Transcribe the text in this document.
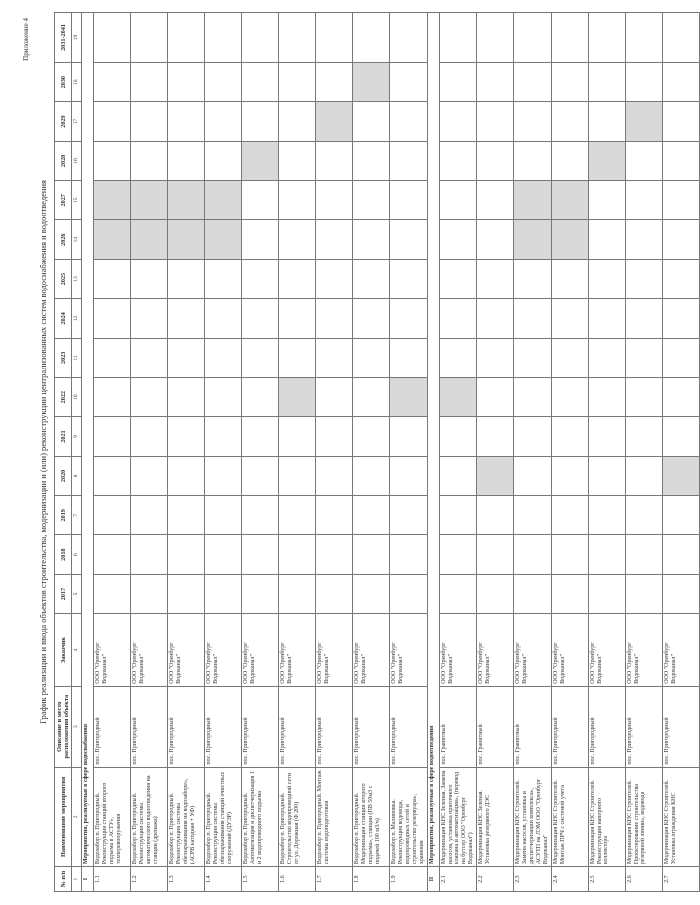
Приложение 4
График реализации и ввода объектов строительства, модернизации и (или) реконструкции централизованных систем водоснабжения и водоотведения
№ п/п	Наименование мероприятия	Описание и место расположения объекта	Заказчик	2017	2018	2019	2020	2021	2022	2023	2024	2025	2026	2027	2028	2029	2030	2031-2041
1	2	3	4	5	6	7	8	9	10	11	12	13	14	15	16	17	18	19
I	Мероприятия, реализуемые в сфере водоснабжения																	
1.1	Водозабор п. Пригородный. Реконструкция станций второго подъема в АСТУ», техперевооружения	пос. Пригородный	ООО "Оренбург Водоканал"															
1.2	Водозабор п. Пригородный. Реконструкция системы автоматического водоотведения на станции (дренажа)	пос. Пригородный	ООО "Оренбург Водоканал"															
1.3	Водозабор п. Пригородный. Реконструкция системы обеззараживания на водозаборе», (АСРВ катодная + УФ)	пос. Пригородный	ООО "Оренбург Водоканал"															
1.4	Водозабор п. Пригородный. Реконструкция системы обеззараживания станций очистных сооружений (ДУЭР)	пос. Пригородный	ООО "Оренбург Водоканал"															
1.5	Водозабор п. Пригородный. Автоматизация и диспетчеризация 1 и 2 водопроводного подъема	пос. Пригородный	ООО "Оренбург Водоканал"															
1.6	Водозабор п. Пригородный. Строительство водопроводной сети от ул. Дорожная (Ф 200)	пос. Пригородный	ООО "Оренбург Водоканал"															
1.7	Водозабор п. Пригородный. Монтаж системы водоподготовки	пос. Пригородный	ООО "Оренбург Водоканал"															
1.8	Водозабор п. Пригородный. Модернизация станции второго подъема», станции (ПВ 50м3 с подачей 100 м3/ч)	пос. Пригородный	ООО "Оренбург Водоканал"															
1.9	Водозабор п. Малиновка. Реконструкция водовода, водопроводных сетей и строительство резервуара», хранения	пос. Пригородный	ООО "Оренбург Водоканал"															
II	Мероприятия, реализуемые в сфере водоотведения																	
2.1	Модернизация КНС Зеленая. Замена насосов, установка приточного клапана и автоматизации», (перевод на бутсер ООО "Оренбург Водоканал")	пос. Гранитный	ООО "Оренбург Водоканал"															
2.2	Модернизация КНС Зеленая. Установка резервного ДЭС	пос. Гранитный	ООО "Оренбург Водоканал"															
2.3	Модернизация КНС Строителей. Замена насосов, установка и диспетчеризации комплекса», АСУТП на ЛЭМ ООО "Оренбург Водоканал"	пос. Гранитный	ООО "Оренбург Водоканал"															
2.4	Модернизация КНС Строителей. Монтаж ПРЧ с системой учета	пос. Пригородный	ООО "Оренбург Водоканал"															
2.5	Модернизация КНС Строителей. Реконструкция напорного коллектора	пос. Пригородный	ООО "Оренбург Водоканал"															
2.6	Модернизация КНС Строителей. Проектирование строительства резервной линии», водовода	пос. Пригородный	ООО "Оренбург Водоканал"															
2.7	Модернизация КНС Строителей. Установка ограждения КНС	пос. Пригородный	ООО "Оренбург Водоканал"															
